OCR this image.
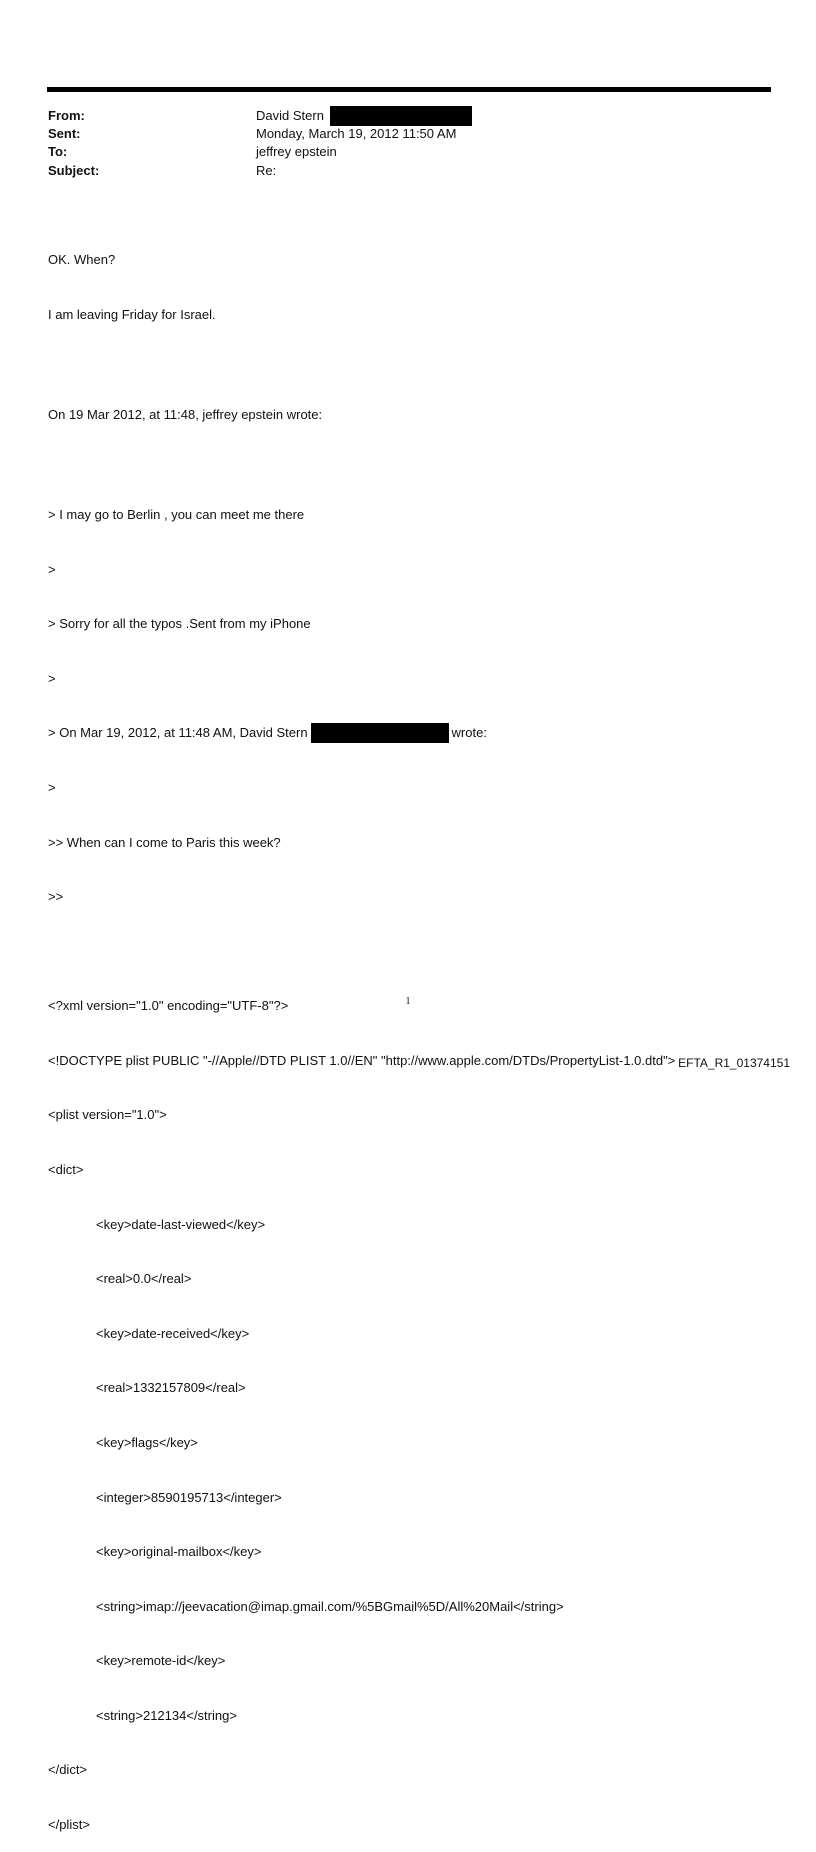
From:	David Stern
Sent:	Monday, March 19, 2012 11:50 AM
To:	jeffrey epstein
Subject:	Re:

OK. When?

I am leaving Friday for Israel.

On 19 Mar 2012, at 11:48, jeffrey epstein wrote:

> I may go to Berlin , you can meet me there

>

> Sorry for all the typos .Sent from my iPhone

>

> On Mar 19, 2012, at 11:48 AM, David Stern	wrote:

>

>> When can I come to Paris this week?

>>

<?xml version="1.0" encoding="UTF-8"?>

<!DOCTYPE plist PUBLIC "-//Apple//DTD PLIST 1.0//EN" "http://www.apple.com/DTDs/PropertyList-1.0.dtd">

<plist version="1.0">

<dict>

<key>date-last-viewed</key>

<real>0.0</real>

<key>date-received</key>

<real>1332157809</real>

<key>flags</key>

<integer>8590195713</integer>

<key>original-mailbox</key>

<string>imap://jeevacation@imap.gmail.com/%5BGmail%5D/All%20Mail</string>

<key>remote-id</key>

<string>212134</string>

</dict>

</plist>

1
EFTA_R1_01374151
